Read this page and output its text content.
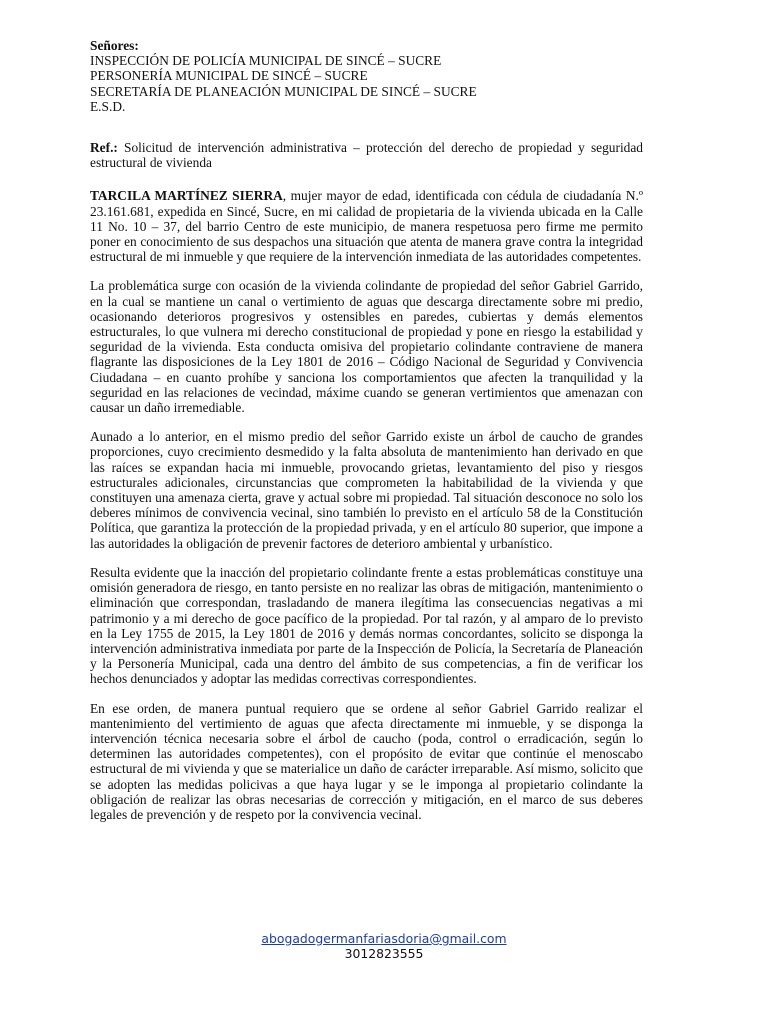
Señores:

INSPECCIÓN DE POLICÍA MUNICIPAL DE SINCÉ – SUCRE

PERSONERÍA MUNICIPAL DE SINCÉ – SUCRE

SECRETARÍA DE PLANEACIÓN MUNICIPAL DE SINCÉ – SUCRE

E.S.D.

Ref.: Solicitud de intervención administrativa – protección del derecho de propiedad y seguridad estructural de vivienda

TARCILA MARTÍNEZ SIERRA, mujer mayor de edad, identificada con cédula de ciudadanía N.º 23.161.681, expedida en Sincé, Sucre, en mi calidad de propietaria de la vivienda ubicada en la Calle 11 No. 10 – 37, del barrio Centro de este municipio, de manera respetuosa pero firme me permito poner en conocimiento de sus despachos una situación que atenta de manera grave contra la integridad estructural de mi inmueble y que requiere de la intervención inmediata de las autoridades competentes.

La problemática surge con ocasión de la vivienda colindante de propiedad del señor Gabriel Garrido, en la cual se mantiene un canal o vertimiento de aguas que descarga directamente sobre mi predio, ocasionando deterioros progresivos y ostensibles en paredes, cubiertas y demás elementos estructurales, lo que vulnera mi derecho constitucional de propiedad y pone en riesgo la estabilidad y seguridad de la vivienda. Esta conducta omisiva del propietario colindante contraviene de manera flagrante las disposiciones de la Ley 1801 de 2016 – Código Nacional de Seguridad y Convivencia Ciudadana – en cuanto prohíbe y sanciona los comportamientos que afecten la tranquilidad y la seguridad en las relaciones de vecindad, máxime cuando se generan vertimientos que amenazan con causar un daño irremediable.

Aunado a lo anterior, en el mismo predio del señor Garrido existe un árbol de caucho de grandes proporciones, cuyo crecimiento desmedido y la falta absoluta de mantenimiento han derivado en que las raíces se expandan hacia mi inmueble, provocando grietas, levantamiento del piso y riesgos estructurales adicionales, circunstancias que comprometen la habitabilidad de la vivienda y que constituyen una amenaza cierta, grave y actual sobre mi propiedad. Tal situación desconoce no solo los deberes mínimos de convivencia vecinal, sino también lo previsto en el artículo 58 de la Constitución Política, que garantiza la protección de la propiedad privada, y en el artículo 80 superior, que impone a las autoridades la obligación de prevenir factores de deterioro ambiental y urbanístico.

Resulta evidente que la inacción del propietario colindante frente a estas problemáticas constituye una omisión generadora de riesgo, en tanto persiste en no realizar las obras de mitigación, mantenimiento o eliminación que correspondan, trasladando de manera ilegítima las consecuencias negativas a mi patrimonio y a mi derecho de goce pacífico de la propiedad. Por tal razón, y al amparo de lo previsto en la Ley 1755 de 2015, la Ley 1801 de 2016 y demás normas concordantes, solicito se disponga la intervención administrativa inmediata por parte de la Inspección de Policía, la Secretaría de Planeación y la Personería Municipal, cada una dentro del ámbito de sus competencias, a fin de verificar los hechos denunciados y adoptar las medidas correctivas correspondientes.

En ese orden, de manera puntual requiero que se ordene al señor Gabriel Garrido realizar el mantenimiento del vertimiento de aguas que afecta directamente mi inmueble, y se disponga la intervención técnica necesaria sobre el árbol de caucho (poda, control o erradicación, según lo determinen las autoridades competentes), con el propósito de evitar que continúe el menoscabo estructural de mi vivienda y que se materialice un daño de carácter irreparable. Así mismo, solicito que se adopten las medidas policivas a que haya lugar y se le imponga al propietario colindante la obligación de realizar las obras necesarias de corrección y mitigación, en el marco de sus deberes legales de prevención y de respeto por la convivencia vecinal.

abogadogermanfariasdoria@gmail.com
3012823555
